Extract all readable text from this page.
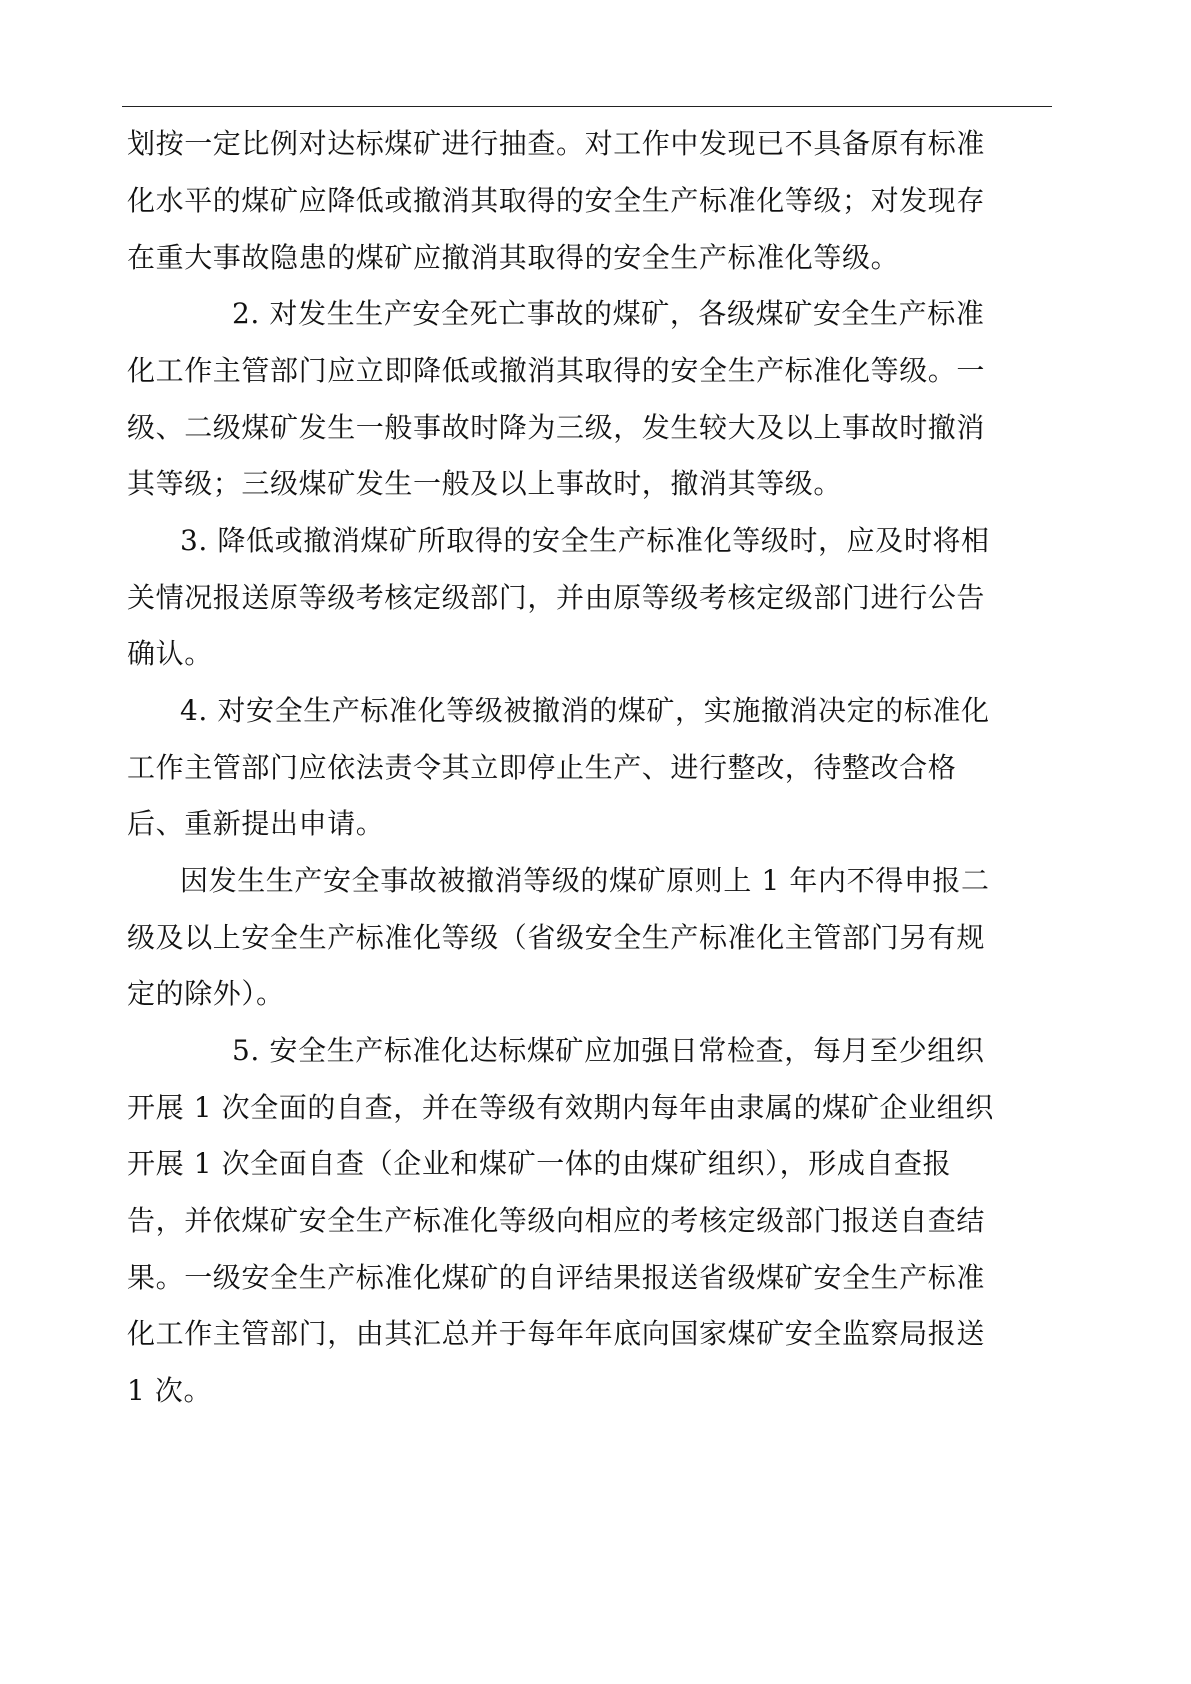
划按一定比例对达标煤矿进行抽查。对工作中发现已不具备原有标准
化水平的煤矿应降低或撤消其取得的安全生产标准化等级；对发现存
在重大事故隐患的煤矿应撤消其取得的安全生产标准化等级。
2. 对发生生产安全死亡事故的煤矿，各级煤矿安全生产标准
化工作主管部门应立即降低或撤消其取得的安全生产标准化等级。一
级、二级煤矿发生一般事故时降为三级，发生较大及以上事故时撤消
其等级；三级煤矿发生一般及以上事故时，撤消其等级。
3. 降低或撤消煤矿所取得的安全生产标准化等级时，应及时将相
关情况报送原等级考核定级部门，并由原等级考核定级部门进行公告
确认。
4. 对安全生产标准化等级被撤消的煤矿，实施撤消决定的标准化
工作主管部门应依法责令其立即停止生产、进行整改，待整改合格
后、重新提出申请。
因发生生产安全事故被撤消等级的煤矿原则上 1 年内不得申报二
级及以上安全生产标准化等级（省级安全生产标准化主管部门另有规
定的除外）。
5. 安全生产标准化达标煤矿应加强日常检查，每月至少组织
开展 1 次全面的自查，并在等级有效期内每年由隶属的煤矿企业组织
开展 1 次全面自查（企业和煤矿一体的由煤矿组织），形成自查报
告，并依煤矿安全生产标准化等级向相应的考核定级部门报送自查结
果。一级安全生产标准化煤矿的自评结果报送省级煤矿安全生产标准
化工作主管部门，由其汇总并于每年年底向国家煤矿安全监察局报送
1 次。
